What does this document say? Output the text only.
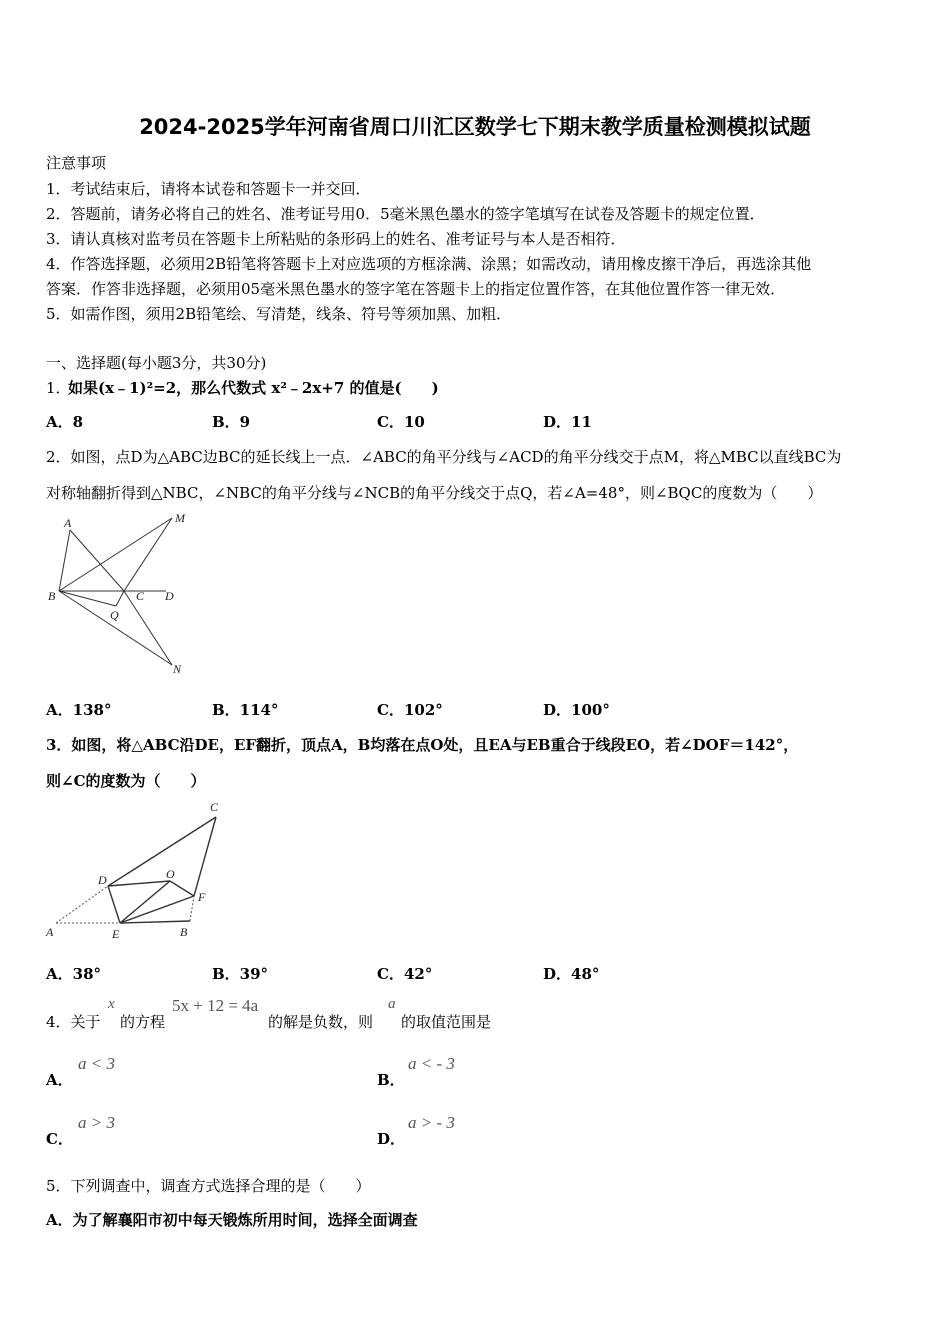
2024-2025学年河南省周口川汇区数学七下期末教学质量检测模拟试题
注意事项
1．考试结束后，请将本试卷和答题卡一并交回．
2．答题前，请务必将自己的姓名、准考证号用0．5毫米黑色墨水的签字笔填写在试卷及答题卡的规定位置．
3．请认真核对监考员在答题卡上所粘贴的条形码上的姓名、准考证号与本人是否相符．
4．作答选择题，必须用2B铅笔将答题卡上对应选项的方框涂满、涂黑；如需改动，请用橡皮擦干净后，再选涂其他
答案．作答非选择题，必须用05毫米黑色墨水的签字笔在答题卡上的指定位置作答，在其他位置作答一律无效．
5．如需作图，须用2B铅笔绘、写清楚，线条、符号等须加黑、加粗．
一、选择题(每小题3分，共30分)
1．
如果(x﹣1)²=2，那么代数式 x²﹣2x+7 的值是(　　)
A．8	B．9	C．10	D．11
2．如图，点D为△ABC边BC的延长线上一点．∠ABC的角平分线与∠ACD的角平分线交于点M，将△MBC以直线BC为
对称轴翻折得到△NBC，∠NBC的角平分线与∠NCB的角平分线交于点Q，若∠A=48°，则∠BQC的度数为（　　）
A	M
B	C D
Q
N
A．138°	B．114°	C．102°	D．100°
3．如图，将△ABC沿DE，EF翻折，顶点A，B均落在点O处，且EA与EB重合于线段EO，若∠DOF＝142°，
则∠C的度数为（　　）
C
D	O
F
A	E	B
A．38°	B．39°	C．42°	D．48°
4．关于
x
的方程
5x + 12 = 4a
的解是负数，则
a
的取值范围是
A．
a < 3
B．
a < - 3
C．
a > 3
D．
a > - 3
5．下列调查中，调查方式选择合理的是（　　）
A．为了解襄阳市初中每天锻炼所用时间，选择全面调查
